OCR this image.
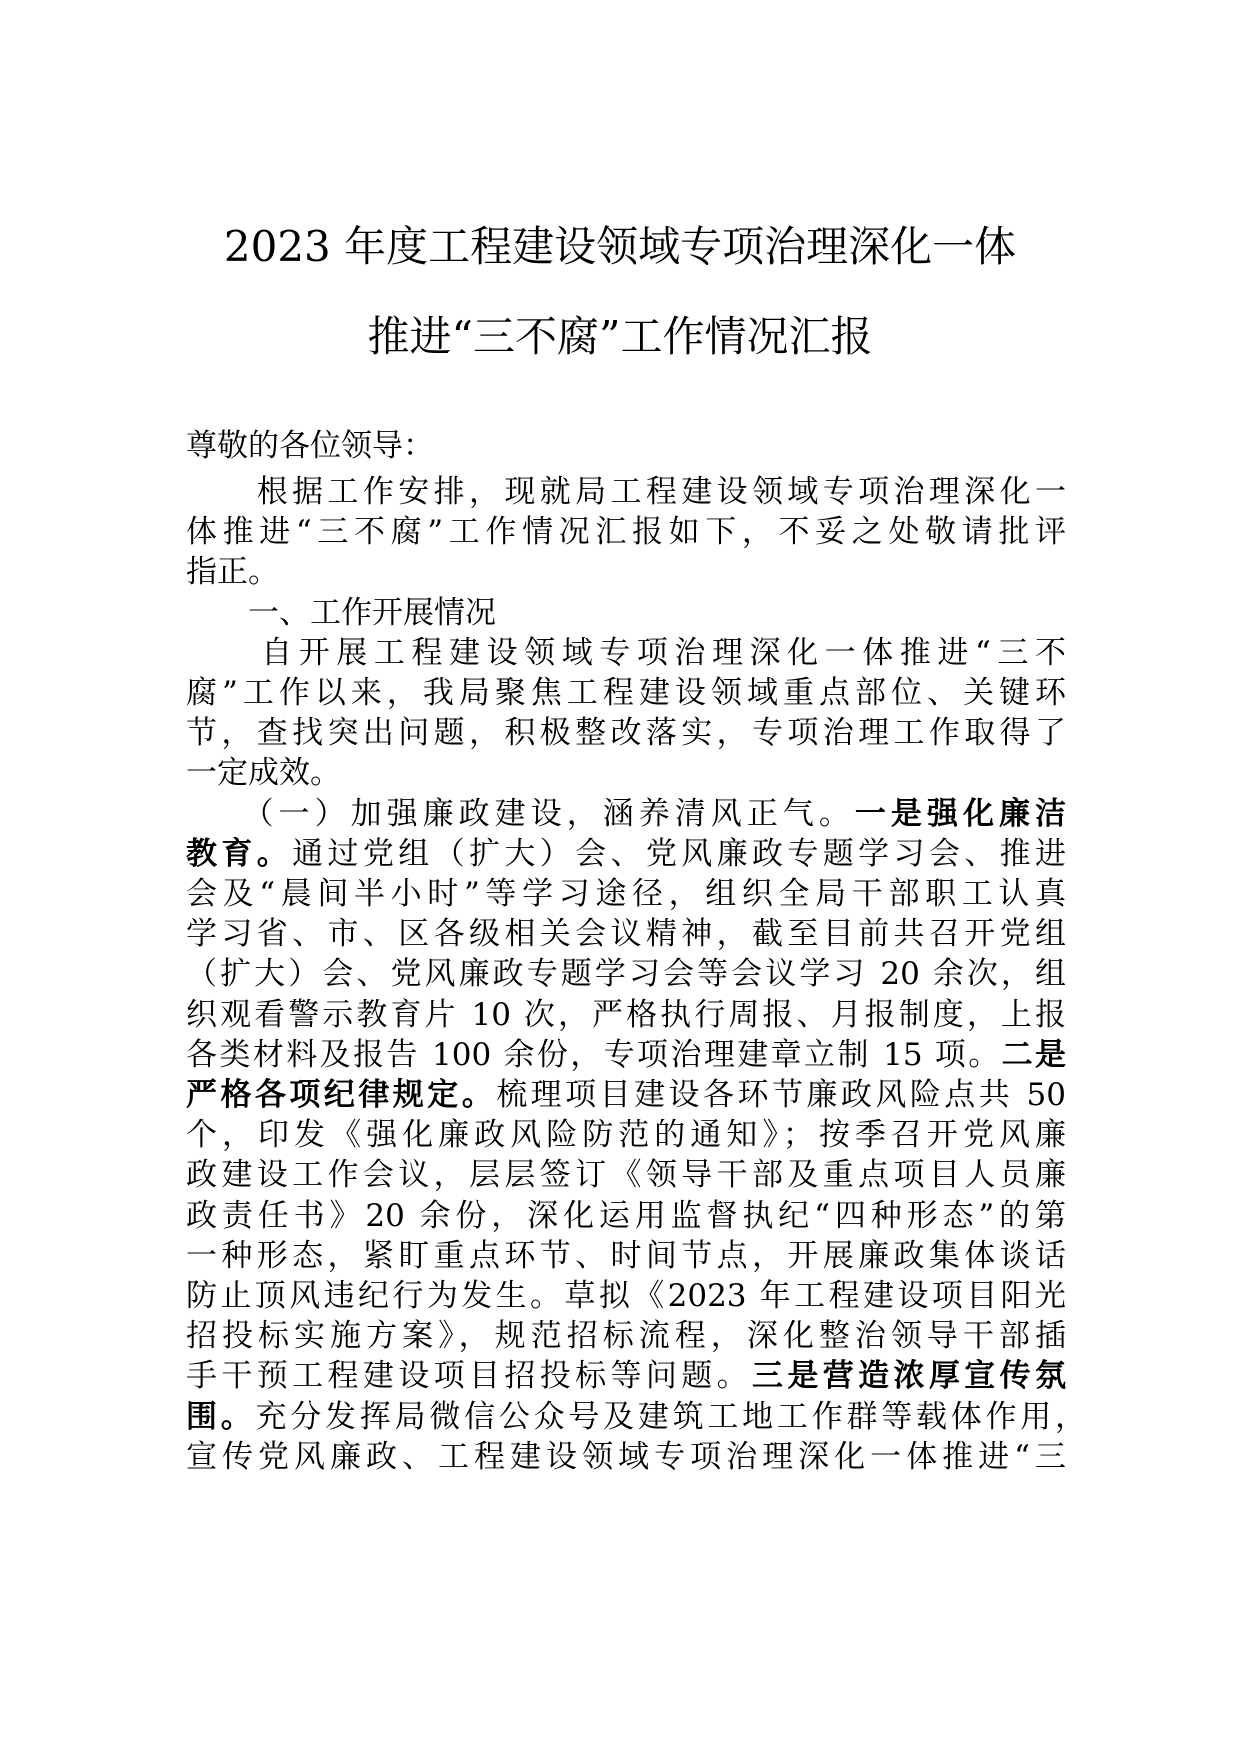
2023 年度工程建设领域专项治理深化一体
推进“三不腐”工作情况汇报

尊敬的各位领导：

　　根据工作安排，现就局工程建设领域专项治理深化一

体推进“三不腐”工作情况汇报如下，不妥之处敬请批评

指正。

　　一、工作开展情况

　　自开展工程建设领域专项治理深化一体推进“三不

腐”工作以来，我局聚焦工程建设领域重点部位、关键环

节，查找突出问题，积极整改落实，专项治理工作取得了

一定成效。

　　（一）加强廉政建设，涵养清风正气。一是强化廉洁

教育。通过党组（扩大）会、党风廉政专题学习会、推进

会及“晨间半小时”等学习途径，组织全局干部职工认真

学习省、市、区各级相关会议精神，截至目前共召开党组

（扩大）会、党风廉政专题学习会等会议学习 20 余次，组

织观看警示教育片 10 次，严格执行周报、月报制度，上报

各类材料及报告 100 余份，专项治理建章立制 15 项。二是

严格各项纪律规定。梳理项目建设各环节廉政风险点共 50

个，印发《强化廉政风险防范的通知》；按季召开党风廉

政建设工作会议，层层签订《领导干部及重点项目人员廉

政责任书》20 余份，深化运用监督执纪“四种形态”的第

一种形态，紧盯重点环节、时间节点，开展廉政集体谈话

防止顶风违纪行为发生。草拟《2023 年工程建设项目阳光

招投标实施方案》，规范招标流程，深化整治领导干部插

手干预工程建设项目招投标等问题。三是营造浓厚宣传氛

围。充分发挥局微信公众号及建筑工地工作群等载体作用，

宣传党风廉政、工程建设领域专项治理深化一体推进“三
